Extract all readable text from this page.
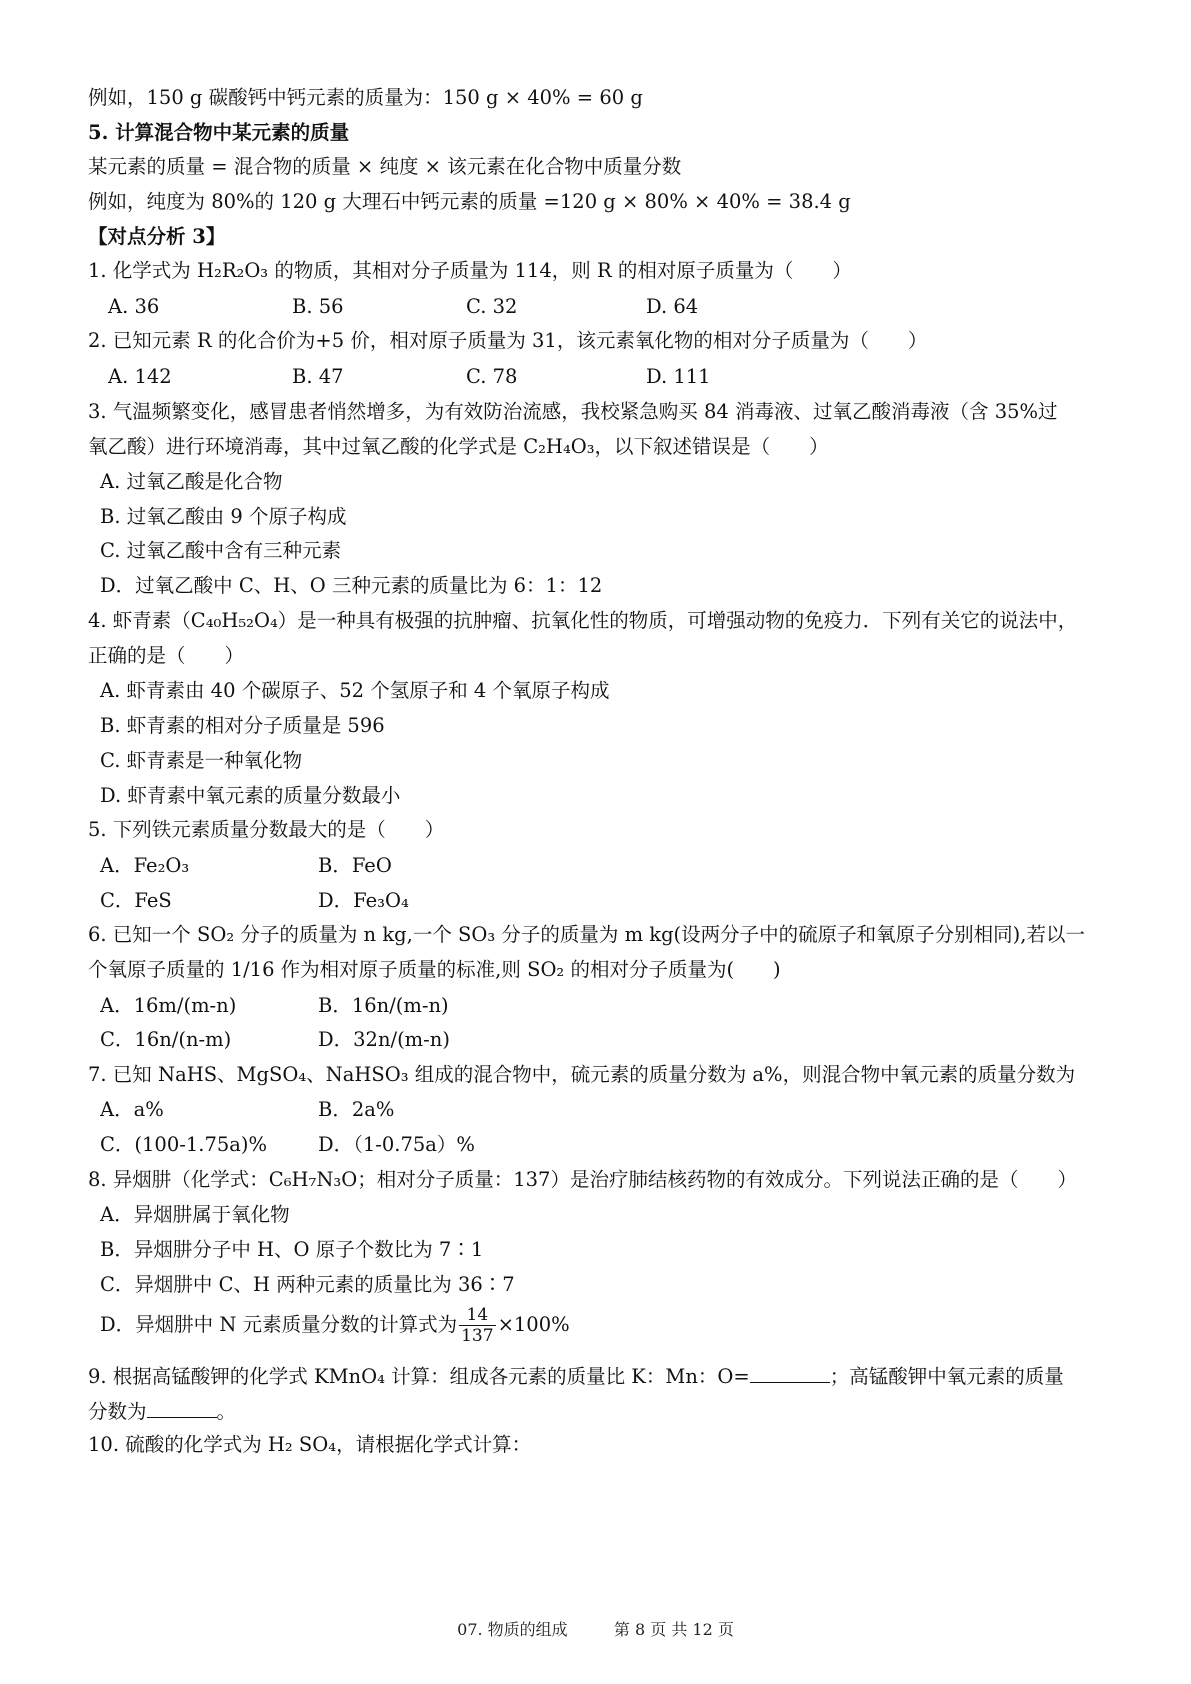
例如，150 g 碳酸钙中钙元素的质量为：150 g × 40% = 60 g
5. 计算混合物中某元素的质量
某元素的质量 = 混合物的质量 × 纯度 × 该元素在化合物中质量分数
例如，纯度为 80%的 120 g 大理石中钙元素的质量 =120 g × 80% × 40% = 38.4 g
【对点分析 3】
1. 化学式为 H₂R₂O₃ 的物质，其相对分子质量为 114，则 R 的相对原子质量为（　　）
A. 36	B. 56	C. 32	D. 64
2. 已知元素 R 的化合价为+5 价，相对原子质量为 31，该元素氧化物的相对分子质量为（　　）
A. 142	B. 47	C. 78	D. 111
3. 气温频繁变化，感冒患者悄然增多，为有效防治流感，我校紧急购买 84 消毒液、过氧乙酸消毒液（含 35%过
氧乙酸）进行环境消毒，其中过氧乙酸的化学式是 C₂H₄O₃，以下叙述错误是（　　）
A. 过氧乙酸是化合物
B. 过氧乙酸由 9 个原子构成
C. 过氧乙酸中含有三种元素
D．过氧乙酸中 C、H、O 三种元素的质量比为 6：1：12
4. 虾青素（C₄₀H₅₂O₄）是一种具有极强的抗肿瘤、抗氧化性的物质，可增强动物的免疫力．下列有关它的说法中，
正确的是（　　）
A. 虾青素由 40 个碳原子、52 个氢原子和 4 个氧原子构成
B. 虾青素的相对分子质量是 596
C. 虾青素是一种氧化物
D. 虾青素中氧元素的质量分数最小
5. 下列铁元素质量分数最大的是（　　）
A．Fe₂O₃	B．FeO
C．FeS	D．Fe₃O₄
6. 已知一个 SO₂ 分子的质量为 n kg,一个 SO₃ 分子的质量为 m kg(设两分子中的硫原子和氧原子分别相同),若以一
个氧原子质量的 1/16 作为相对原子质量的标准,则 SO₂ 的相对分子质量为(　　)
A．16m/(m-n)	B．16n/(m-n)
C．16n/(n-m)	D．32n/(m-n)
7. 已知 NaHS、MgSO₄、NaHSO₃ 组成的混合物中，硫元素的质量分数为 a%，则混合物中氧元素的质量分数为
A．a%	B．2a%
C．(100-1.75a)%	D．（1-0.75a）%
8. 异烟肼（化学式：C₆H₇N₃O；相对分子质量：137）是治疗肺结核药物的有效成分。下列说法正确的是（　　）
A．异烟肼属于氧化物
B．异烟肼分子中 H、O 原子个数比为 7∶1
C．异烟肼中 C、H 两种元素的质量比为 36∶7
D．异烟肼中 N 元素质量分数的计算式为 $\frac{14}{137} \times 100\%$
9. 根据高锰酸钾的化学式 KMnO₄ 计算：组成各元素的质量比 K：Mn：O=	；高锰酸钾中氧元素的质量
分数为	。
10. 硫酸的化学式为 H₂ SO₄，请根据化学式计算：
07. 物质的组成	第 8 页 共 12 页
